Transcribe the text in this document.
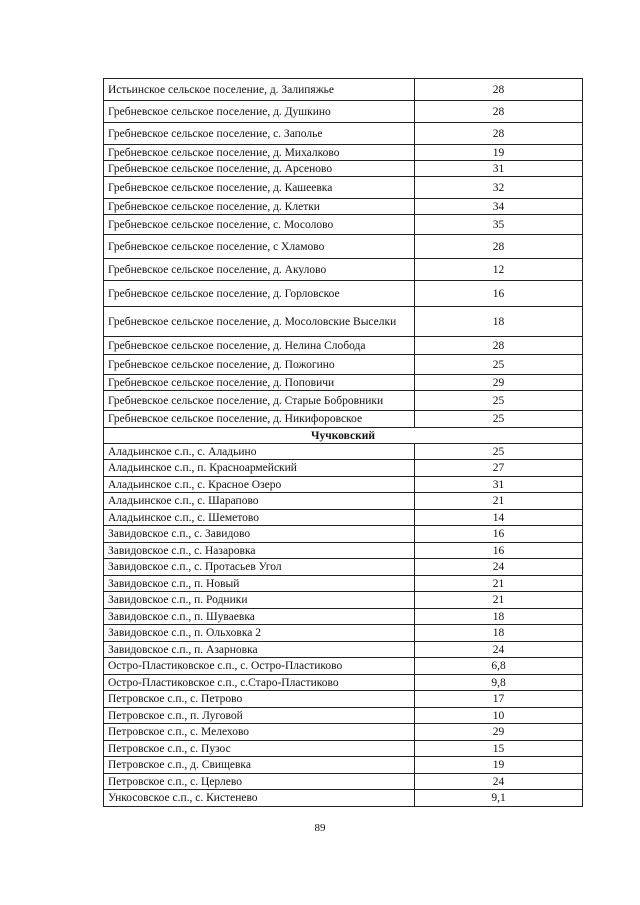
Истьинское сельское поселение, д. Залипяжье	28
Гребневское сельское поселение, д. Душкино	28
Гребневское сельское поселение, с. Заполье	28
Гребневское сельское поселение, д. Михалково	19
Гребневское сельское поселение, д. Арсеново	31
Гребневское сельское поселение, д. Кашеевка	32
Гребневское сельское поселение, д. Клетки	34
Гребневское сельское поселение, с. Мосолово	35
Гребневское сельское поселение, с Хламово	28
Гребневское сельское поселение, д. Акулово	12
Гребневское сельское поселение, д. Горловское	16
Гребневское сельское поселение, д. Мосоловские Выселки	18
Гребневское сельское поселение, д. Нелина Слобода	28
Гребневское сельское поселение, д. Пожогино	25
Гребневское сельское поселение, д. Поповичи	29
Гребневское сельское поселение, д. Старые Бобровники	25
Гребневское сельское поселение, д. Никифоровское	25
Чучковский	
Аладьинское с.п., с. Аладьино	25
Аладьинское с.п., п. Красноармейский	27
Аладьинское с.п., с. Красное Озеро	31
Аладьинское с.п., с. Шарапово	21
Аладьинское с.п., с. Шеметово	14
Завидовское с.п., с. Завидово	16
Завидовское с.п., с. Назаровка	16
Завидовское с.п., с. Протасьев Угол	24
Завидовское с.п., п. Новый	21
Завидовское с.п., п. Родники	21
Завидовское с.п., п. Шуваевка	18
Завидовское с.п., п. Ольховка 2	18
Завидовское с.п., п. Азарновка	24
Остро-Пластиковское с.п., с. Остро-Пластиково	6,8
Остро-Пластиковское с.п., с.Старо-Пластиково	9,8
Петровское с.п., с. Петрово	17
Петровское с.п., п. Луговой	10
Петровское с.п., с. Мелехово	29
Петровское с.п., с. Пузос	15
Петровское с.п., д. Свищевка	19
Петровское с.п., с. Церлево	24
Ункосовское с.п., с. Кистенево	9,1
89
